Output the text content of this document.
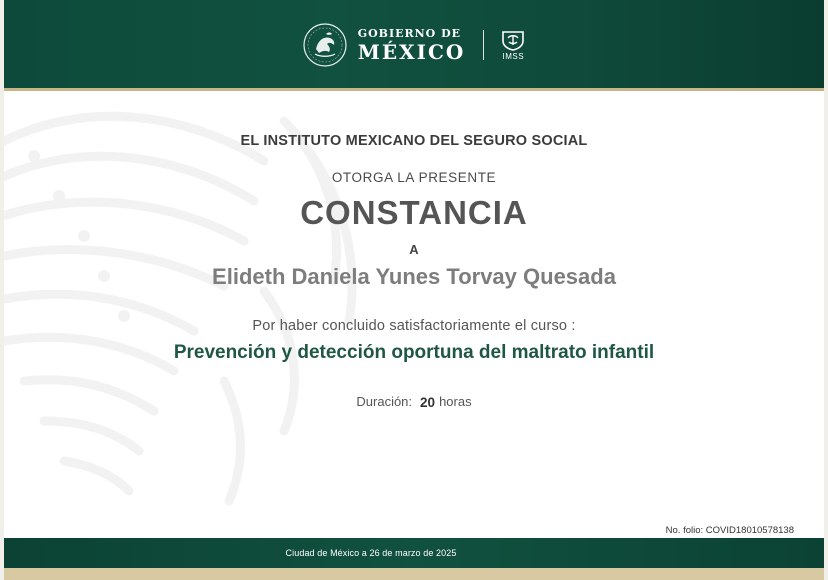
GOBIERNO DE
MÉXICO	IMSS
EL INSTITUTO MEXICANO DEL SEGURO SOCIAL
OTORGA LA PRESENTE
CONSTANCIA
A
Elideth Daniela Yunes Torvay Quesada
Por haber concluido satisfactoriamente el curso :
Prevención y detección oportuna del maltrato infantil
Duración: 20 horas
No. folio: COVID18010578138
Ciudad de México a 26 de marzo de 2025
